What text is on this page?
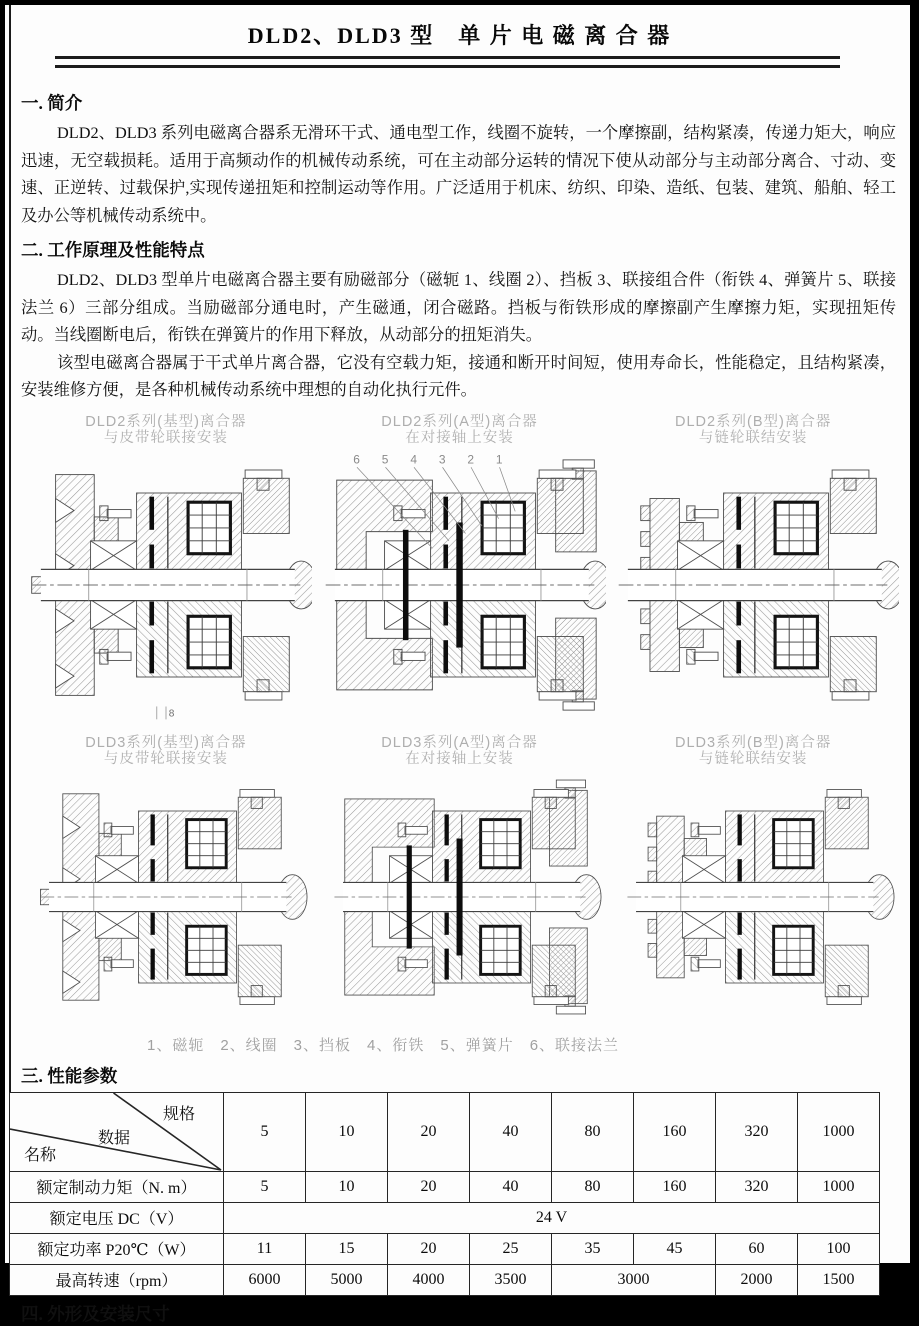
DLD2、DLD3 型　单 片 电 磁 离 合 器
一. 简介

DLD2、DLD3 系列电磁离合器系无滑环干式、通电型工作，线圈不旋转，一个摩擦副，结构紧凑，传递力矩大，响应迅速，无空载损耗。适用于高频动作的机械传动系统，可在主动部分运转的情况下使从动部分与主动部分离合、寸动、变速、正逆转、过载保护,实现传递扭矩和控制运动等作用。广泛适用于机床、纺织、印染、造纸、包装、建筑、船舶、轻工及办公等机械传动系统中。

二. 工作原理及性能特点

DLD2、DLD3 型单片电磁离合器主要有励磁部分（磁轭 1、线圈 2）、挡板 3、联接组合件（衔铁 4、弹簧片 5、联接法兰 6）三部分组成。当励磁部分通电时，产生磁通，闭合磁路。挡板与衔铁形成的摩擦副产生摩擦力矩，实现扭矩传动。当线圈断电后，衔铁在弹簧片的作用下释放，从动部分的扭矩消失。

该型电磁离合器属于干式单片离合器，它没有空载力矩，接通和断开时间短，使用寿命长，性能稳定，且结构紧凑，安装维修方便，是各种机械传动系统中理想的自动化执行元件。

DLD2系列(基型)离合器
与皮带轮联接安装
8
DLD2系列(A型)离合器
在对接轴上安装
6 5 4 3 2 1
DLD2系列(B型)离合器
与链轮联结安装
DLD3系列(基型)离合器
与皮带轮联接安装
DLD3系列(A型)离合器
在对接轴上安装
DLD3系列(B型)离合器
与链轮联结安装
1、磁轭　2、线圈　3、挡板　4、衔铁　5、弹簧片　6、联接法兰
三. 性能参数
规格
数据
名称	5	10	20	40	80	160	320	1000
额定制动力矩（N. m）	5	10	20	40	80	160	320	1000
额定电压 DC（V）	24 V							
额定功率 P20℃（W）	11	15	20	25	35	45	60	100
最高转速（rpm）	6000	5000	4000	3500	3000		2000	1500
四. 外形及安装尺寸
